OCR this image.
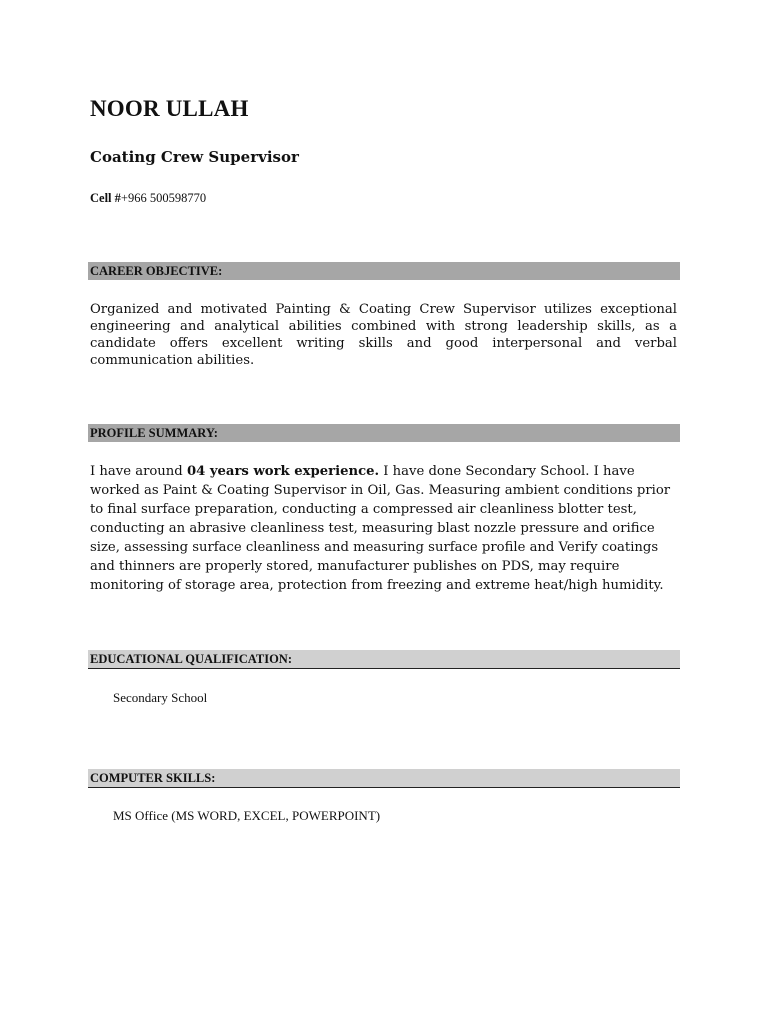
NOOR ULLAH
Coating Crew Supervisor
Cell #+966 500598770
CAREER OBJECTIVE:
Organized and motivated Painting & Coating Crew Supervisor utilizes exceptional engineering and analytical abilities combined with strong leadership skills, as a candidate offers excellent writing skills and good interpersonal and verbal communication abilities.
PROFILE SUMMARY:
I have around 04 years work experience. I have done Secondary School. I have worked as Paint & Coating Supervisor in Oil, Gas. Measuring ambient conditions prior to final surface preparation, conducting a compressed air cleanliness blotter test, conducting an abrasive cleanliness test, measuring blast nozzle pressure and orifice size, assessing surface cleanliness and measuring surface profile and Verify coatings and thinners are properly stored, manufacturer publishes on PDS, may require monitoring of storage area, protection from freezing and extreme heat/high humidity.
EDUCATIONAL QUALIFICATION:
Secondary School
COMPUTER SKILLS:
MS Office (MS WORD, EXCEL, POWERPOINT)
